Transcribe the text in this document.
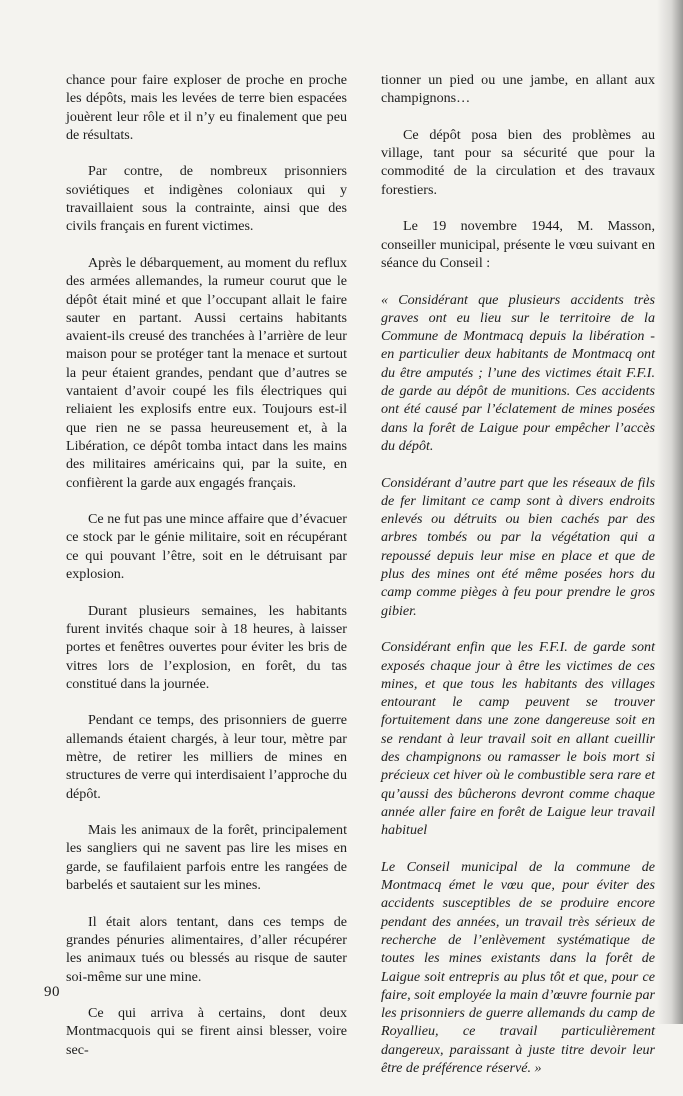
chance pour faire exploser de proche en proche les dépôts, mais les levées de terre bien espacées jouèrent leur rôle et il n’y eu finalement que peu de résultats.

Par contre, de nombreux prisonniers soviétiques et indigènes coloniaux qui y travaillaient sous la contrainte, ainsi que des civils français en furent victimes.

Après le débarquement, au moment du reflux des armées allemandes, la rumeur courut que le dépôt était miné et que l’occupant allait le faire sauter en partant. Aussi certains habitants avaient-ils creusé des tranchées à l’arrière de leur maison pour se protéger tant la menace et surtout la peur étaient grandes, pendant que d’autres se vantaient d’avoir coupé les fils électriques qui reliaient les explosifs entre eux. Toujours est-il que rien ne se passa heureusement et, à la Libération, ce dépôt tomba intact dans les mains des militaires américains qui, par la suite, en confièrent la garde aux engagés français.

Ce ne fut pas une mince affaire que d’évacuer ce stock par le génie militaire, soit en récupérant ce qui pouvant l’être, soit en le détruisant par explosion.

Durant plusieurs semaines, les habitants furent invités chaque soir à 18 heures, à laisser portes et fenêtres ouvertes pour éviter les bris de vitres lors de l’explosion, en forêt, du tas constitué dans la journée.

Pendant ce temps, des prisonniers de guerre allemands étaient chargés, à leur tour, mètre par mètre, de retirer les milliers de mines en structures de verre qui interdisaient l’approche du dépôt.

Mais les animaux de la forêt, principalement les sangliers qui ne savent pas lire les mises en garde, se faufilaient parfois entre les rangées de barbelés et sautaient sur les mines.

Il était alors tentant, dans ces temps de grandes pénuries alimentaires, d’aller récupérer les animaux tués ou blessés au risque de sauter soi-même sur une mine.

Ce qui arriva à certains, dont deux Montmacquois qui se firent ainsi blesser, voire sec-

tionner un pied ou une jambe, en allant aux champignons…

Ce dépôt posa bien des problèmes au village, tant pour sa sécurité que pour la commodité de la circulation et des travaux forestiers.

Le 19 novembre 1944, M. Masson, conseiller municipal, présente le vœu suivant en séance du Conseil :

« Considérant que plusieurs accidents très graves ont eu lieu sur le territoire de la Commune de Montmacq depuis la libération - en particulier deux habitants de Montmacq ont du être amputés ; l’une des victimes était F.F.I. de garde au dépôt de munitions. Ces accidents ont été causé par l’éclatement de mines posées dans la forêt de Laigue pour empêcher l’accès du dépôt.

Considérant d’autre part que les réseaux de fils de fer limitant ce camp sont à divers endroits enlevés ou détruits ou bien cachés par des arbres tombés ou par la végétation qui a repoussé depuis leur mise en place et que de plus des mines ont été même posées hors du camp comme pièges à feu pour prendre le gros gibier.

Considérant enfin que les F.F.I. de garde sont exposés chaque jour à être les victimes de ces mines, et que tous les habitants des villages entourant le camp peuvent se trouver fortuitement dans une zone dangereuse soit en se rendant à leur travail soit en allant cueillir des champignons ou ramasser le bois mort si précieux cet hiver où le combustible sera rare et qu’aussi des bûcherons devront comme chaque année aller faire en forêt de Laigue leur travail habituel

Le Conseil municipal de la commune de Montmacq émet le vœu que, pour éviter des accidents susceptibles de se produire encore pendant des années, un travail très sérieux de recherche de l’enlèvement systématique de toutes les mines existants dans la forêt de Laigue soit entrepris au plus tôt et que, pour ce faire, soit employée la main d’œuvre fournie par les prisonniers de guerre allemands du camp de Royallieu, ce travail particulièrement dangereux, paraissant à juste titre devoir leur être de préférence réservé. »

90
